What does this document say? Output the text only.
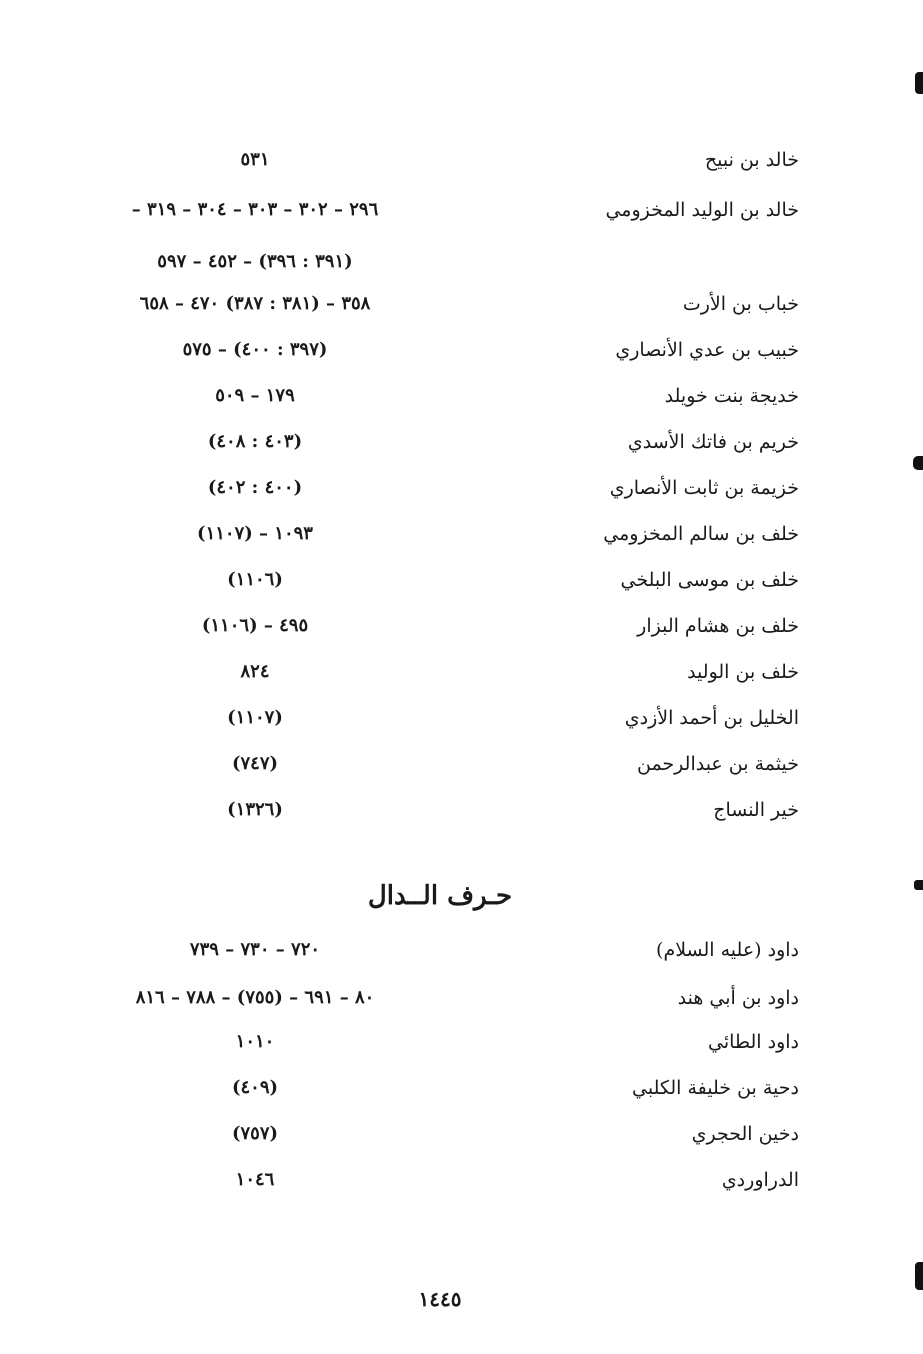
خالد بن نبيح
٥٣١
خالد بن الوليد المخزومي
٢٩٦ – ٣٠٢ – ٣٠٣ – ٣٠٤ – ٣١٩ –
(٣٩١ : ٣٩٦) – ٤٥٢ – ٥٩٧
خباب بن الأرت
٣٥٨ – (٣٨١ : ٣٨٧) ٤٧٠ – ٦٥٨
خبيب بن عدي الأنصاري
(٣٩٧ : ٤٠٠) – ٥٧٥
خديجة بنت خويلد
١٧٩ – ٥٠٩
خريم بن فاتك الأسدي
(٤٠٣ : ٤٠٨)
خزيمة بن ثابت الأنصاري
(٤٠٠ : ٤٠٢)
خلف بن سالم المخزومي
١٠٩٣ – (١١٠٧)
خلف بن موسى البلخي
(١١٠٦)
خلف بن هشام البزار
٤٩٥ – (١١٠٦)
خلف بن الوليد
٨٢٤
الخليل بن أحمد الأزدي
(١١٠٧)
خيثمة بن عبدالرحمن
(٧٤٧)
خير النساج
(١٣٢٦)
حـرف الــدال
داود (عليه السلام)
٧٢٠ – ٧٣٠ – ٧٣٩
داود بن أبي هند
٨٠ – ٦٩١ – (٧٥٥) – ٧٨٨ – ٨١٦
داود الطائي
١٠١٠
دحية بن خليفة الكلبي
(٤٠٩)
دخين الحجري
(٧٥٧)
الدراوردي
١٠٤٦
١٤٤٥
